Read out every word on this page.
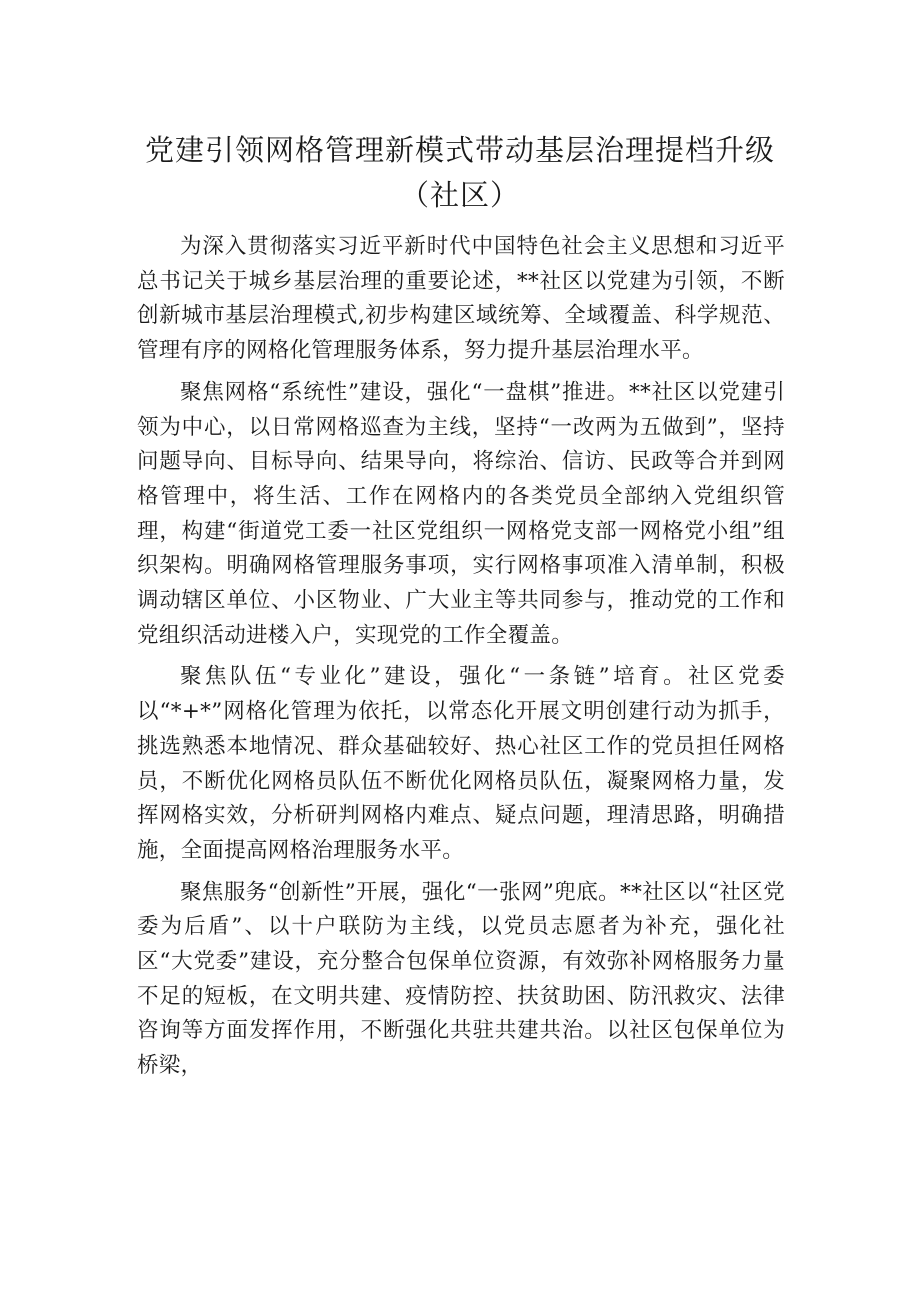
党建引领网格管理新模式带动基层治理提档升级（社区）

为深入贯彻落实习近平新时代中国特色社会主义思想和习近平总书记关于城乡基层治理的重要论述，**社区以党建为引领，不断创新城市基层治理模式,初步构建区域统筹、全域覆盖、科学规范、管理有序的网格化管理服务体系，努力提升基层治理水平。

聚焦网格“系统性”建设，强化“一盘棋”推进。**社区以党建引领为中心，以日常网格巡查为主线，坚持“一改两为五做到”，坚持问题导向、目标导向、结果导向，将综治、信访、民政等合并到网格管理中，将生活、工作在网格内的各类党员全部纳入党组织管理，构建“街道党工委一社区党组织一网格党支部一网格党小组”组织架构。明确网格管理服务事项，实行网格事项准入清单制，积极调动辖区单位、小区物业、广大业主等共同参与，推动党的工作和党组织活动进楼入户，实现党的工作全覆盖。

聚焦队伍“专业化”建设，强化“一条链”培育。社区党委以“*+*”网格化管理为依托，以常态化开展文明创建行动为抓手，挑选熟悉本地情况、群众基础较好、热心社区工作的党员担任网格员，不断优化网格员队伍不断优化网格员队伍，凝聚网格力量，发挥网格实效，分析研判网格内难点、疑点问题，理清思路，明确措施，全面提高网格治理服务水平。

聚焦服务“创新性”开展，强化“一张网”兜底。**社区以“社区党委为后盾”、以十户联防为主线，以党员志愿者为补充，强化社区“大党委”建设，充分整合包保单位资源，有效弥补网格服务力量不足的短板，在文明共建、疫情防控、扶贫助困、防汛救灾、法律咨询等方面发挥作用，不断强化共驻共建共治。以社区包保单位为桥梁，
